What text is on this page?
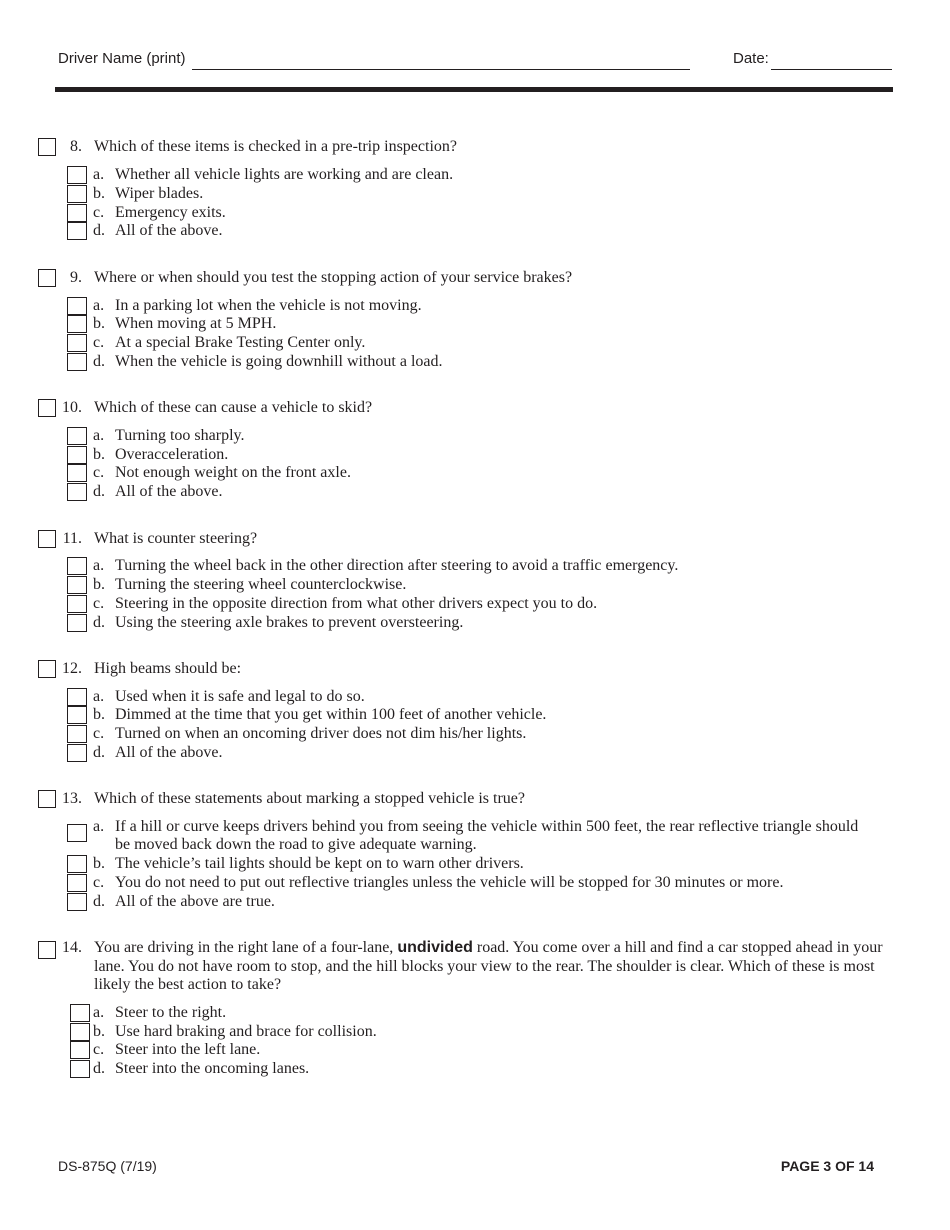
Driver Name (print)	Date:
8. Which of these items is checked in a pre-trip inspection?
a. Whether all vehicle lights are working and are clean.
b. Wiper blades.
c. Emergency exits.
d. All of the above.
9. Where or when should you test the stopping action of your service brakes?
a. In a parking lot when the vehicle is not moving.
b. When moving at 5 MPH.
c. At a special Brake Testing Center only.
d. When the vehicle is going downhill without a load.
10. Which of these can cause a vehicle to skid?
a. Turning too sharply.
b. Overacceleration.
c. Not enough weight on the front axle.
d. All of the above.
11. What is counter steering?
a. Turning the wheel back in the other direction after steering to avoid a traffic emergency.
b. Turning the steering wheel counterclockwise.
c. Steering in the opposite direction from what other drivers expect you to do.
d. Using the steering axle brakes to prevent oversteering.
12. High beams should be:
a. Used when it is safe and legal to do so.
b. Dimmed at the time that you get within 100 feet of another vehicle.
c. Turned on when an oncoming driver does not dim his/her lights.
d. All of the above.
13. Which of these statements about marking a stopped vehicle is true?
a. If a hill or curve keeps drivers behind you from seeing the vehicle within 500 feet, the rear reflective triangle should be moved back down the road to give adequate warning.
b. The vehicle’s tail lights should be kept on to warn other drivers.
c. You do not need to put out reflective triangles unless the vehicle will be stopped for 30 minutes or more.
d. All of the above are true.
14. You are driving in the right lane of a four-lane, undivided road. You come over a hill and find a car stopped ahead in your lane. You do not have room to stop, and the hill blocks your view to the rear. The shoulder is clear. Which of these is most likely the best action to take?
a. Steer to the right.
b. Use hard braking and brace for collision.
c. Steer into the left lane.
d. Steer into the oncoming lanes.
DS-875Q (7/19)	PAGE 3 OF 14
